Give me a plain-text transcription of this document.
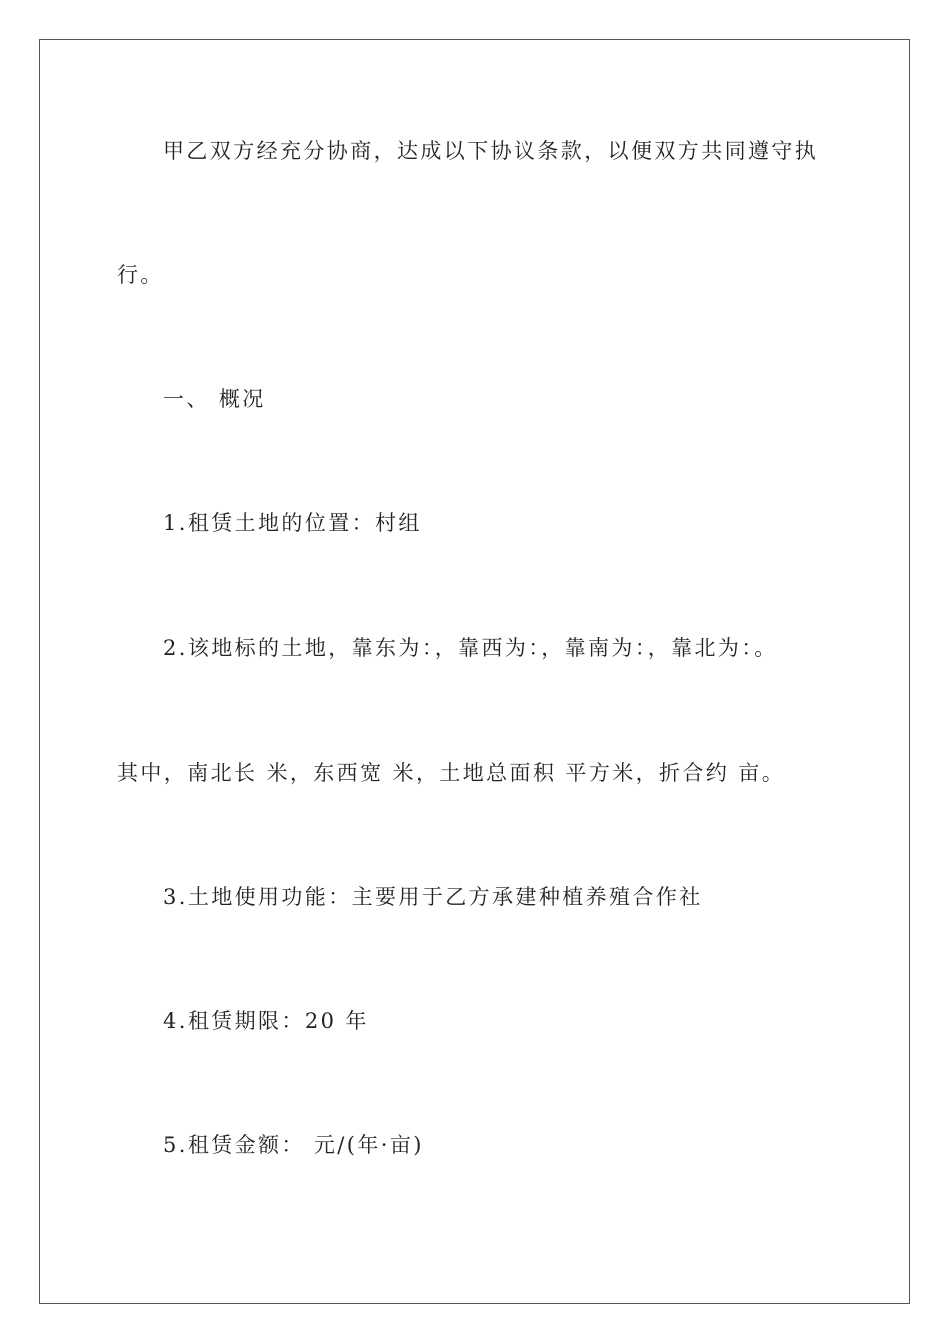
甲乙双方经充分协商，达成以下协议条款，以便双方共同遵守执
行。
一、 概况
1.租赁土地的位置：村组
2.该地标的土地，靠东为：，靠西为：，靠南为：，靠北为：。
其中，南北长 米，东西宽 米，土地总面积 平方米，折合约 亩。
3.土地使用功能：主要用于乙方承建种植养殖合作社
4.租赁期限：20 年
5.租赁金额： 元/(年·亩)
